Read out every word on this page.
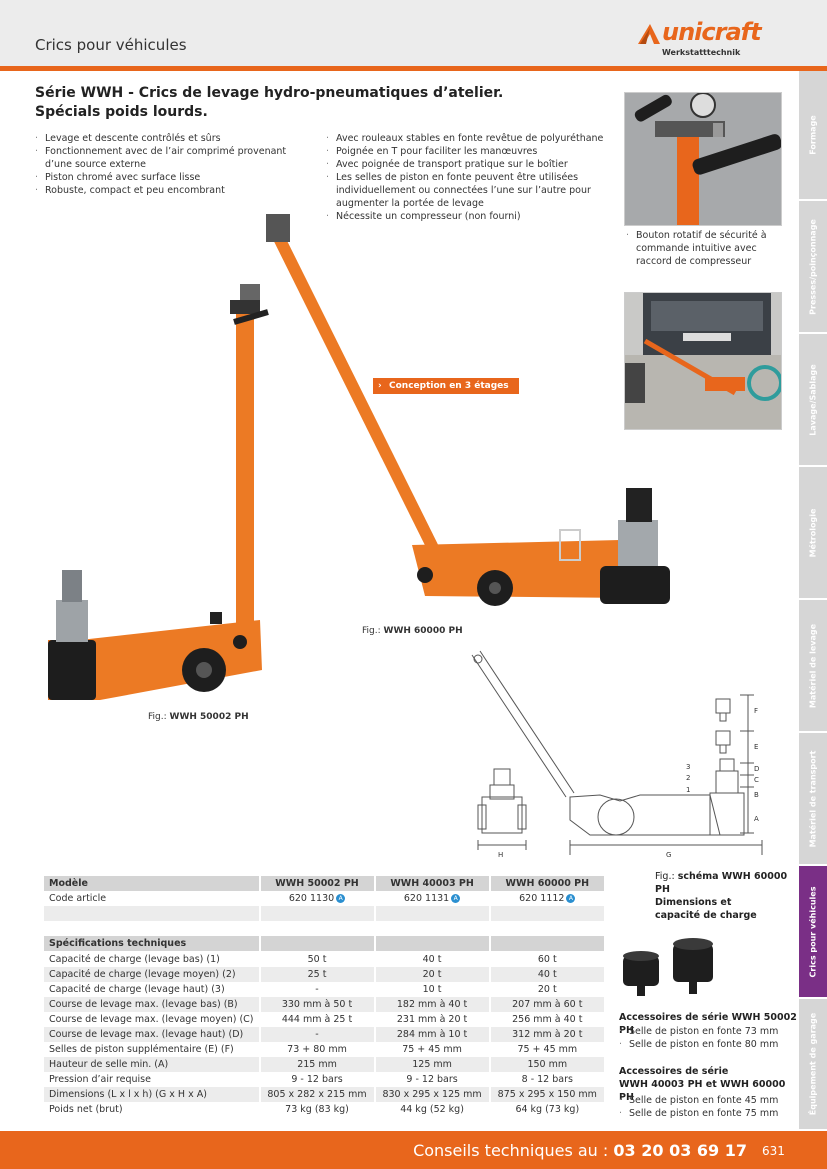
Crics pour véhicules	unicraft
Werkstatttechnik
Formage
Presses/poinçonnage
Lavage/Sablage
Métrologie
Matériel de levage
Matériel de transport
Crics pour véhicules
Équipement de garage
Série WWH - Crics de levage hydro-pneumatiques d’atelier.
Spécials poids lourds.
· Levage et descente contrôlés et sûrs
· Fonctionnement avec de l’air comprimé provenant d’une source externe
· Piston chromé avec surface lisse
· Robuste, compact et peu encombrant
· Avec rouleaux stables en fonte revêtue de polyuréthane
· Poignée en T pour faciliter les manœuvres
· Avec poignée de transport pratique sur le boîtier
· Les selles de piston en fonte peuvent être utilisées individuellement ou connectées l’une sur l’autre pour augmenter la portée de levage
· Nécessite un compresseur (non fourni)
· Bouton rotatif de sécurité à commande intuitive avec raccord de compresseur
› Conception en 3 étages
Fig.: WWH 60000 PH
Fig.: WWH 50002 PH
F
E
D
C
B
A
G
H
3
2
1
Fig.: schéma WWH 60000 PH
Dimensions et
capacité de charge
Modèle	WWH 50002 PH	WWH 40003 PH	WWH 60000 PH
Code article	620 1130 A	620 1131 A	620 1112 A

Spécifications techniques			
Capacité de charge (levage bas) (1)	50 t	40 t	60 t
Capacité de charge (levage moyen) (2)	25 t	20 t	40 t
Capacité de charge (levage haut) (3)	-	10 t	20 t
Course de levage max. (levage bas) (B)	330 mm à 50 t	182 mm à 40 t	207 mm à 60 t
Course de levage max. (levage moyen) (C)	444 mm à 25 t	231 mm à 20 t	256 mm à 40 t
Course de levage max. (levage haut) (D)	-	284 mm à 10 t	312 mm à 20 t
Selles de piston supplémentaire (E) (F)	73 + 80 mm	75 + 45 mm	75 + 45 mm
Hauteur de selle min. (A)	215 mm	125 mm	150 mm
Pression d’air requise	9 - 12 bars	9 - 12 bars	8 - 12 bars
Dimensions (L x l x h) (G x H x A)	805 x 282 x 215 mm	830 x 295 x 125 mm	875 x 295 x 150 mm
Poids net (brut)	73 kg (83 kg)	44 kg (52 kg)	64 kg (73 kg)
Accessoires de série WWH 50002 PH
· Selle de piston en fonte 73 mm
· Selle de piston en fonte 80 mm
Accessoires de série
WWH 40003 PH et WWH 60000 PH
· Selle de piston en fonte 45 mm
· Selle de piston en fonte 75 mm
Conseils techniques au : 03 20 03 69 17 631
